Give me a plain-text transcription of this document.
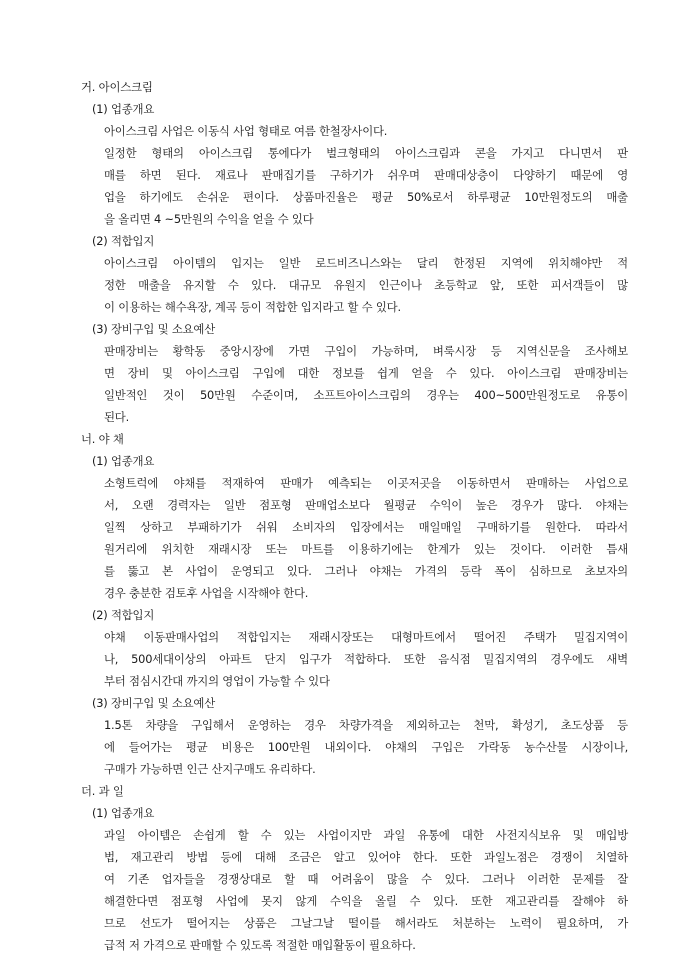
거. 아이스크림
(1) 업종개요
아이스크림 사업은 이동식 사업 형태로 여름 한철장사이다.
일정한 형태의 아이스크림 통에다가 벌크형태의 아이스크림과 콘을 가지고 다니면서 판
매를 하면 된다. 재료나 판매집기를 구하기가 쉬우며 판매대상층이 다양하기 때문에 영
업을 하기에도 손쉬운 편이다. 상품마진율은 평균 50%로서 하루평균 10만원정도의 매출
을 올리면 4 ~5만원의 수익을 얻을 수 있다
(2) 적합입지
아이스크림 아이템의 입지는 일반 로드비즈니스와는 달리 한정된 지역에 위치해야만 적
정한 매출을 유지할 수 있다. 대규모 유원지 인근이나 초등학교 앞, 또한 피서객들이 많
이 이용하는 해수욕장, 계곡 등이 적합한 입지라고 할 수 있다.
(3) 장비구입 및 소요예산
판매장비는 황학동 중앙시장에 가면 구입이 가능하며, 벼룩시장 등 지역신문을 조사해보
면 장비 및 아이스크림 구입에 대한 정보를 쉽게 얻을 수 있다. 아이스크림 판매장비는
일반적인 것이 50만원 수준이며, 소프트아이스크림의 경우는 400~500만원정도로 유통이
된다.
너. 야 채
(1) 업종개요
소형트럭에 야채를 적재하여 판매가 예측되는 이곳저곳을 이동하면서 판매하는 사업으로
서, 오랜 경력자는 일반 점포형 판매업소보다 월평균 수익이 높은 경우가 많다. 야채는
일찍 상하고 부패하기가 쉬워 소비자의 입장에서는 매일매일 구매하기를 원한다. 따라서
원거리에 위치한 재래시장 또는 마트를 이용하기에는 한계가 있는 것이다. 이러한 틈새
를 뚫고 본 사업이 운영되고 있다. 그러나 야채는 가격의 등락 폭이 심하므로 초보자의
경우 충분한 검토후 사업을 시작해야 한다.
(2) 적합입지
야채 이동판매사업의 적합입지는 재래시장또는 대형마트에서 떨어진 주택가 밀집지역이
나, 500세대이상의 아파트 단지 입구가 적합하다. 또한 음식점 밀집지역의 경우에도 새벽
부터 점심시간대 까지의 영업이 가능할 수 있다
(3) 장비구입 및 소요예산
1.5톤 차량을 구입해서 운영하는 경우 차량가격을 제외하고는 천막, 확성기, 초도상품 등
에 들어가는 평균 비용은 100만원 내외이다. 야채의 구입은 가락동 농수산물 시장이나,
구매가 가능하면 인근 산지구매도 유리하다.
더. 과 일
(1) 업종개요
과일 아이템은 손쉽게 할 수 있는 사업이지만 과일 유통에 대한 사전지식보유 및 매입방
법, 재고관리 방법 등에 대해 조금은 알고 있어야 한다. 또한 과일노점은 경쟁이 치열하
여 기존 업자들을 경쟁상대로 할 때 어려움이 많을 수 있다. 그러나 이러한 문제를 잘
해결한다면 점포형 사업에 못지 않게 수익을 올릴 수 있다. 또한 재고관리를 잘해야 하
므로 선도가 떨어지는 상품은 그날그날 떨이를 해서라도 처분하는 노력이 필요하며, 가
급적 저 가격으로 판매할 수 있도록 적절한 매입활동이 필요하다.
